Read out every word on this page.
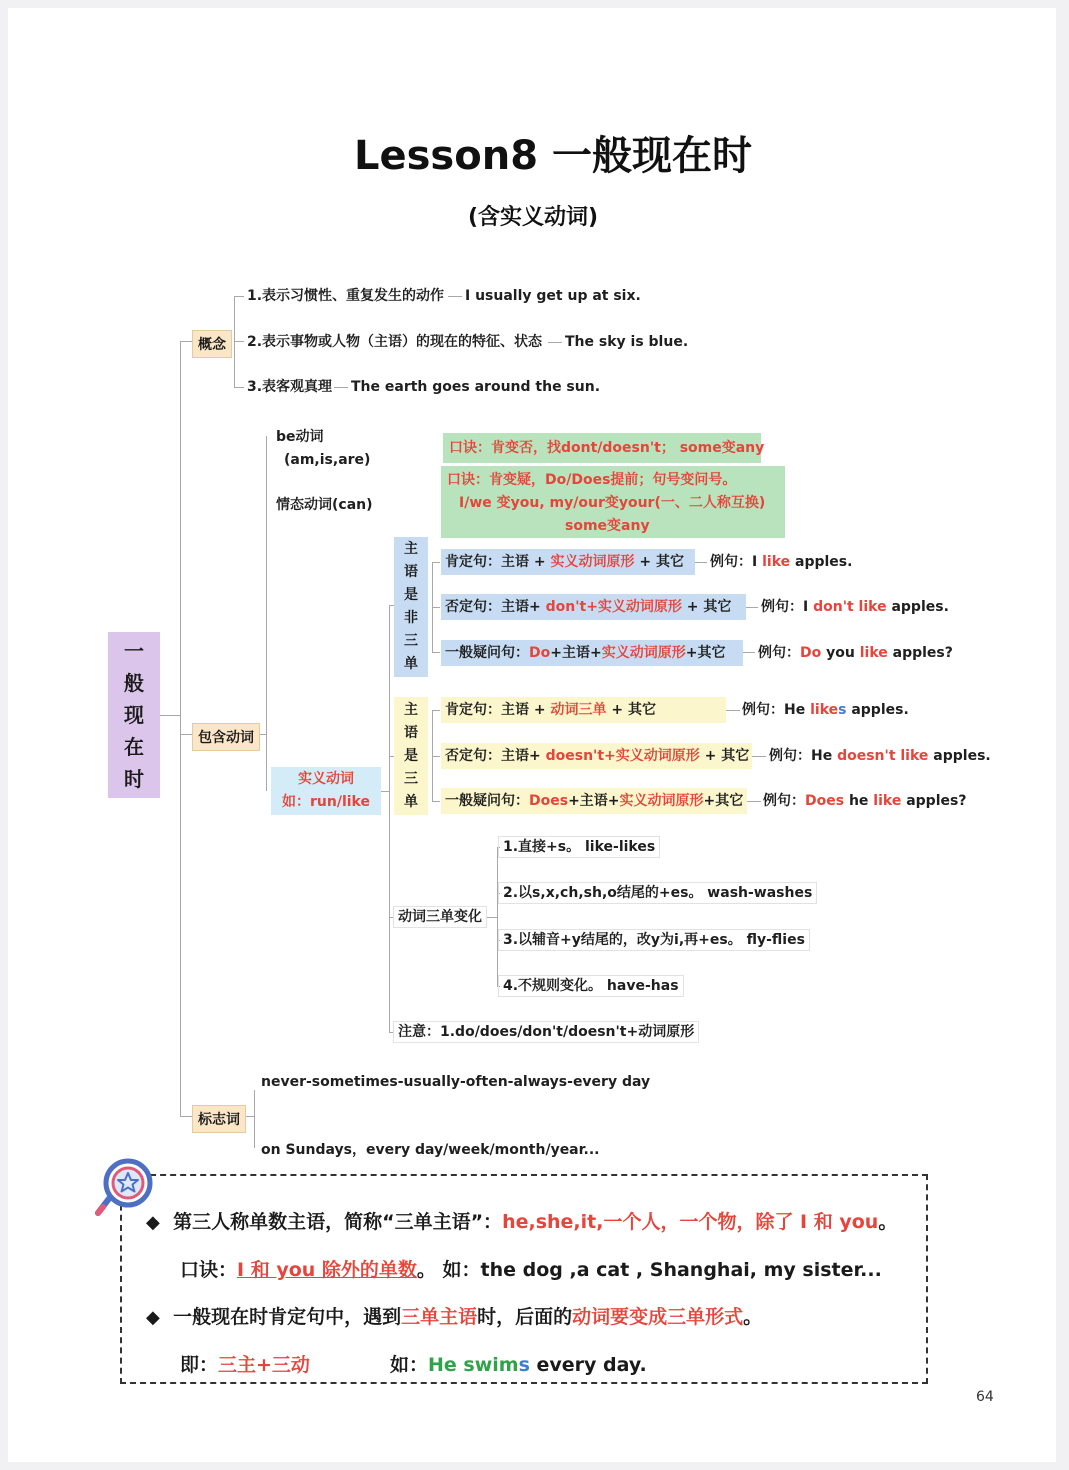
Lesson8 一般现在时
(含实义动词)
一
般
现
在
时
概念
1.表示习惯性、重复发生的动作 I usually get up at six.
2.表示事物或人物（主语）的现在的特征、状态 The sky is blue.
3.表客观真理 The earth goes around the sun.
包含动词
be动词
(am,is,are)
情态动词(can)
实义动词
如：run/like
口诀：肯变否，找dont/doesn't； some变any
口诀：肯变疑，Do/Does提前；句号变问号。
I/we 变you, my/our变your(一、二人称互换)
some变any
主
语
是
非
三
单
肯定句：主语 + 实义动词原形 + 其它	例句：I like apples.
否定句：主语+ don't+实义动词原形 + 其它	例句：I don't like apples.
一般疑问句：Do+主语+实义动词原形+其它	例句：Do you like apples?
主
语
是
三
单
肯定句：主语 + 动词三单 + 其它	例句：He likes apples.
否定句：主语+ doesn't+实义动词原形 + 其它 例句：He doesn't like apples.
一般疑问句：Does+主语+实义动词原形+其它 例句：Does he like apples?
动词三单变化
1.直接+s。 like-likes
2.以s,x,ch,sh,o结尾的+es。 wash-washes
3.以辅音+y结尾的，改y为i,再+es。 fly-flies
4.不规则变化。 have-has
注意：1.do/does/don't/doesn't+动词原形
标志词
never-sometimes-usually-often-always-every day
on Sundays，every day/week/month/year...
◆ 第三人称单数主语，简称“三单主语”：he,she,it,一个人，一个物，除了 I 和 you。
口诀：I 和 you 除外的单数。 如：the dog ,a cat , Shanghai, my sister...
◆ 一般现在时肯定句中，遇到三单主语时，后面的动词要变成三单形式。
即：三主+三动	如：He swims every day.
64
